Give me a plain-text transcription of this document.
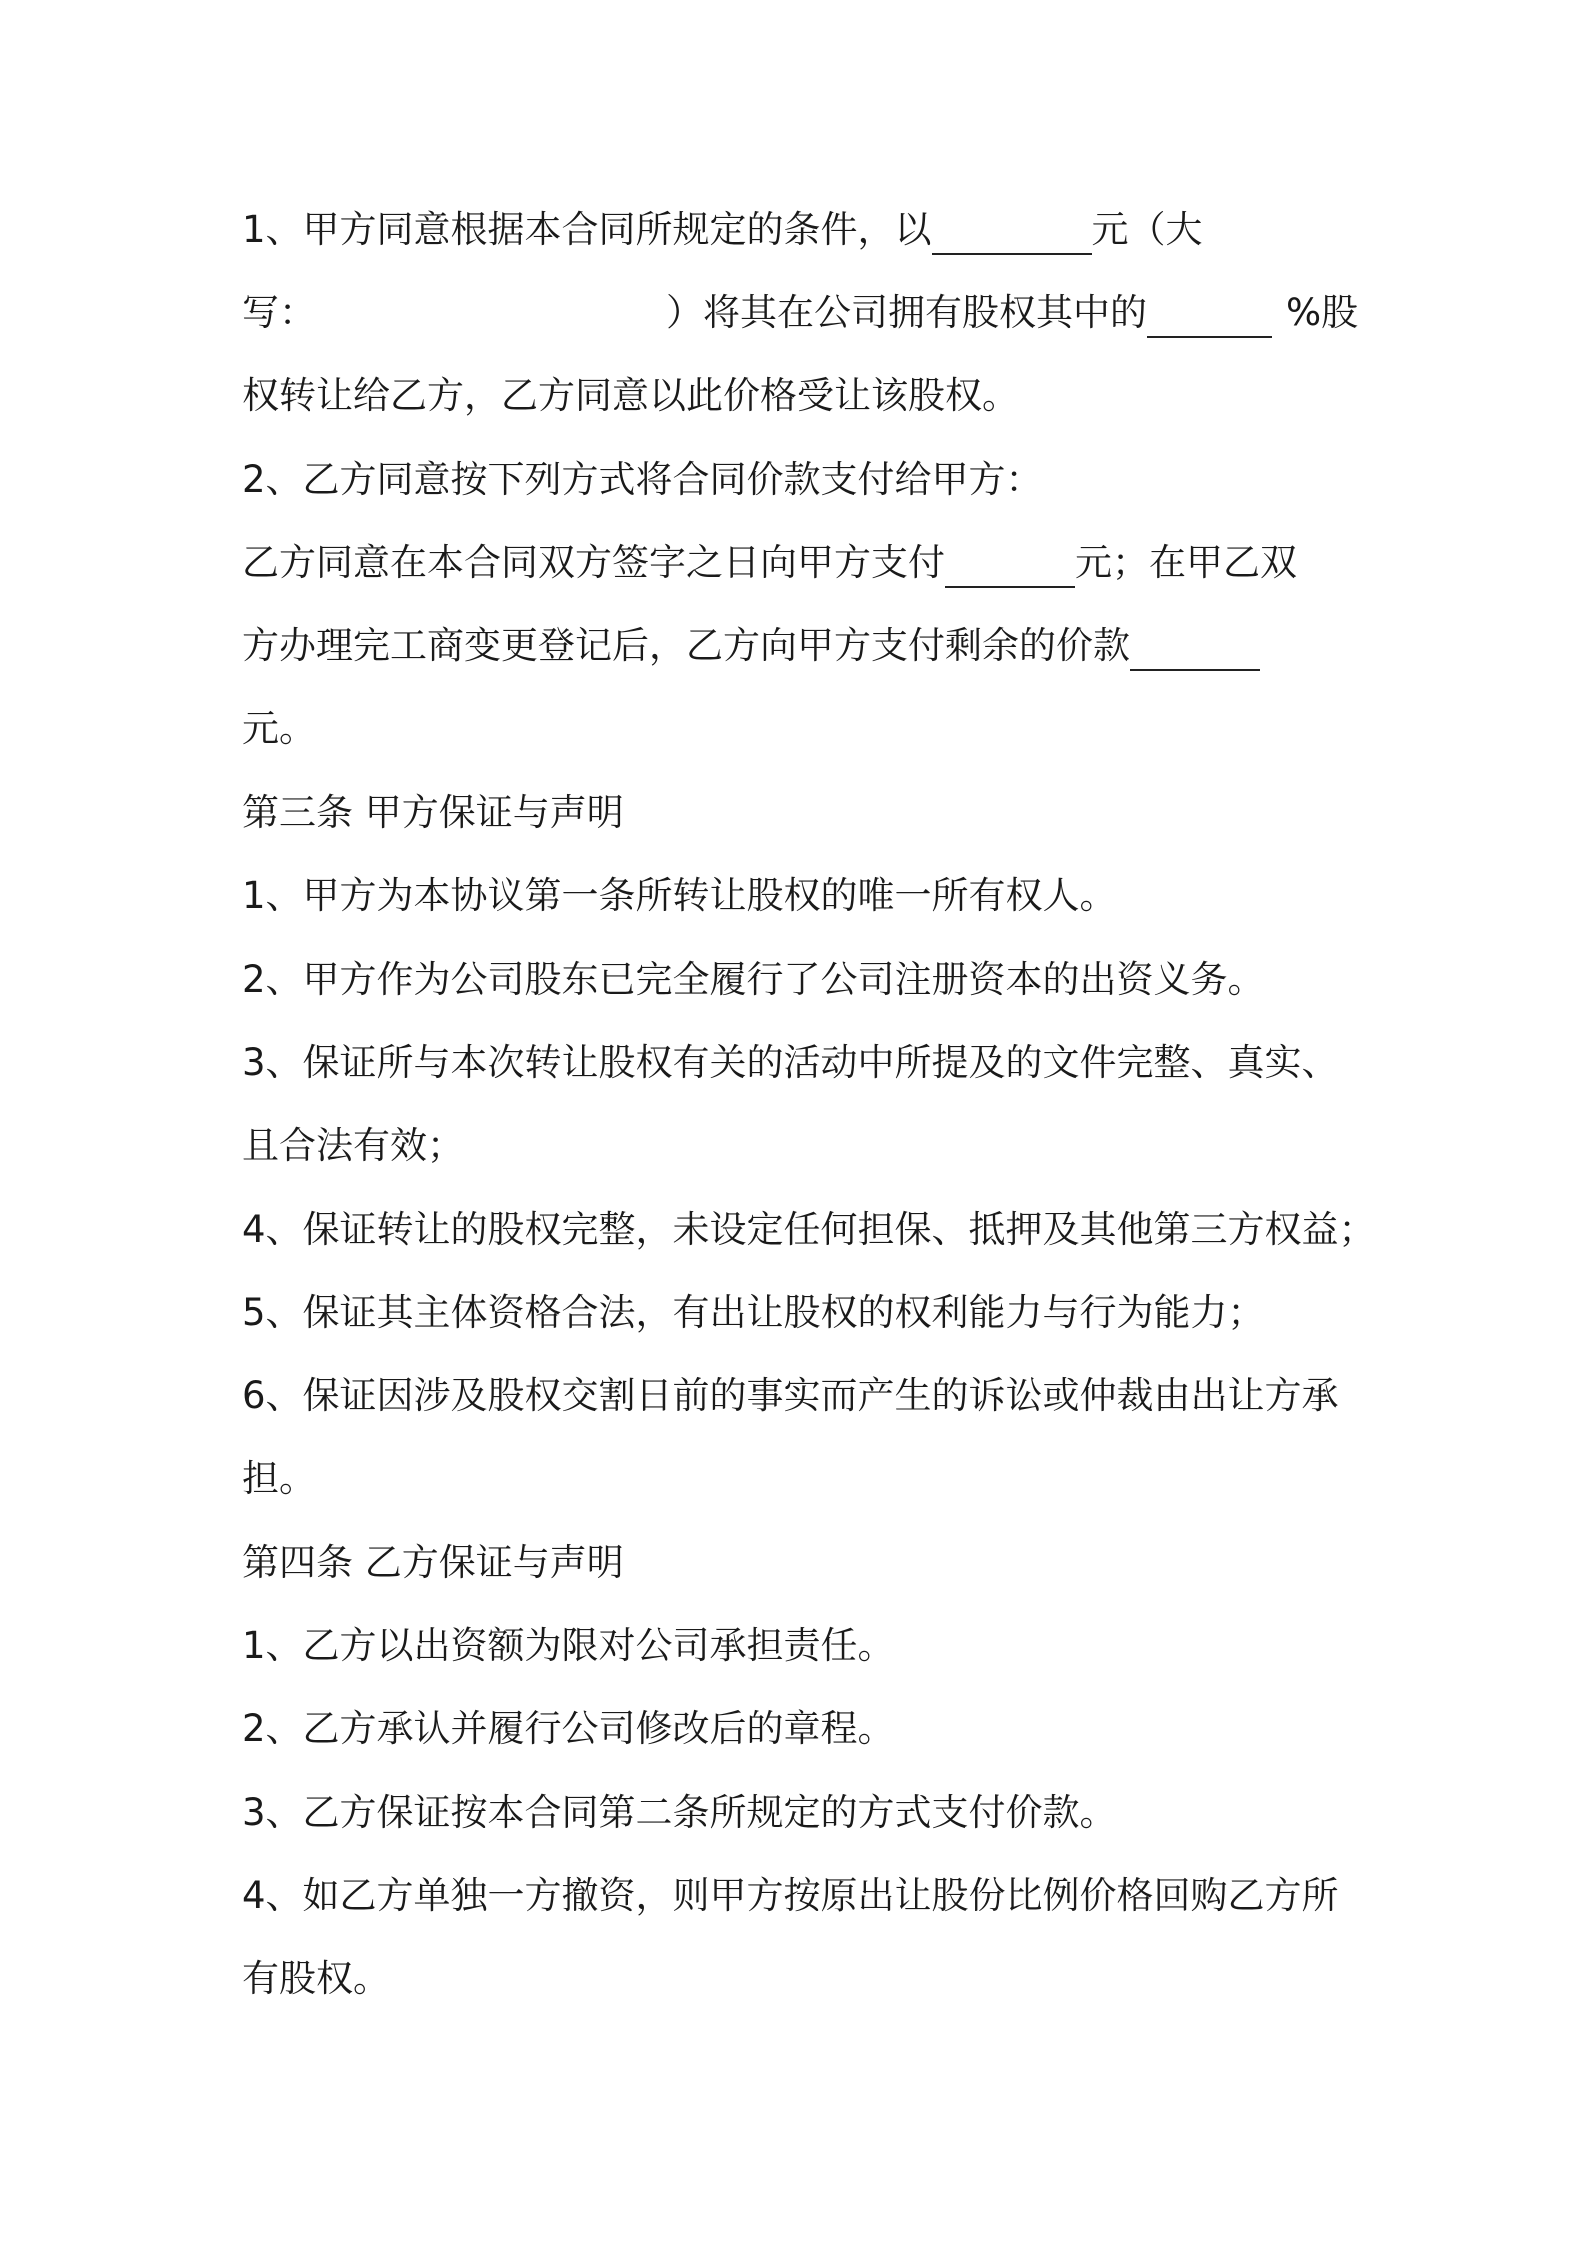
1、甲方同意根据本合同所规定的条件，以	元（大
写：	）将其在公司拥有股权其中的	%股
权转让给乙方，乙方同意以此价格受让该股权。
2、乙方同意按下列方式将合同价款支付给甲方：
乙方同意在本合同双方签字之日向甲方支付	元；在甲乙双
方办理完工商变更登记后，乙方向甲方支付剩余的价款
元。
第三条 甲方保证与声明
1、甲方为本协议第一条所转让股权的唯一所有权人。
2、甲方作为公司股东已完全履行了公司注册资本的出资义务。
3、保证所与本次转让股权有关的活动中所提及的文件完整、真实、
且合法有效；
4、保证转让的股权完整，未设定任何担保、抵押及其他第三方权益；
5、保证其主体资格合法，有出让股权的权利能力与行为能力；
6、保证因涉及股权交割日前的事实而产生的诉讼或仲裁由出让方承
担。
第四条 乙方保证与声明
1、乙方以出资额为限对公司承担责任。
2、乙方承认并履行公司修改后的章程。
3、乙方保证按本合同第二条所规定的方式支付价款。
4、如乙方单独一方撤资，则甲方按原出让股份比例价格回购乙方所
有股权。
